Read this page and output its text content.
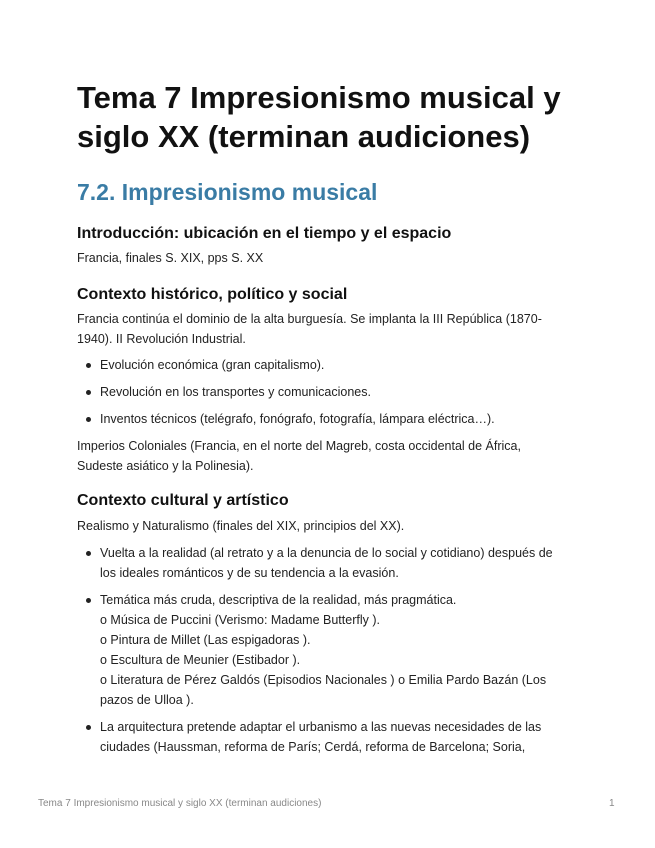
Tema 7 Impresionismo musical y siglo XX (terminan audiciones)
7.2. Impresionismo musical
Introducción: ubicación en el tiempo y el espacio

Francia, finales S. XIX, pps S. XX

Contexto histórico, político y social

Francia continúa el dominio de la alta burguesía. Se implanta la III República (1870-1940). II Revolución Industrial.

Evolución económica (gran capitalismo).
Revolución en los transportes y comunicaciones.
Inventos técnicos (telégrafo, fonógrafo, fotografía, lámpara eléctrica…).

Imperios Coloniales (Francia, en el norte del Magreb, costa occidental de África, Sudeste asiático y la Polinesia).

Contexto cultural y artístico

Realismo y Naturalismo (finales del XIX, principios del XX).

Vuelta a la realidad (al retrato y a la denuncia de lo social y cotidiano) después de los ideales románticos y de su tendencia a la evasión.
Temática más cruda, descriptiva de la realidad, más pragmática.
o Música de Puccini (Verismo: Madame Butterfly ).
o Pintura de Millet (Las espigadoras ).
o Escultura de Meunier (Estibador ).
o Literatura de Pérez Galdós (Episodios Nacionales ) o Emilia Pardo Bazán (Los pazos de Ulloa ).
La arquitectura pretende adaptar el urbanismo a las nuevas necesidades de las ciudades (Haussman, reforma de París; Cerdá, reforma de Barcelona; Soria,
Tema 7 Impresionismo musical y siglo XX (terminan audiciones)	1
